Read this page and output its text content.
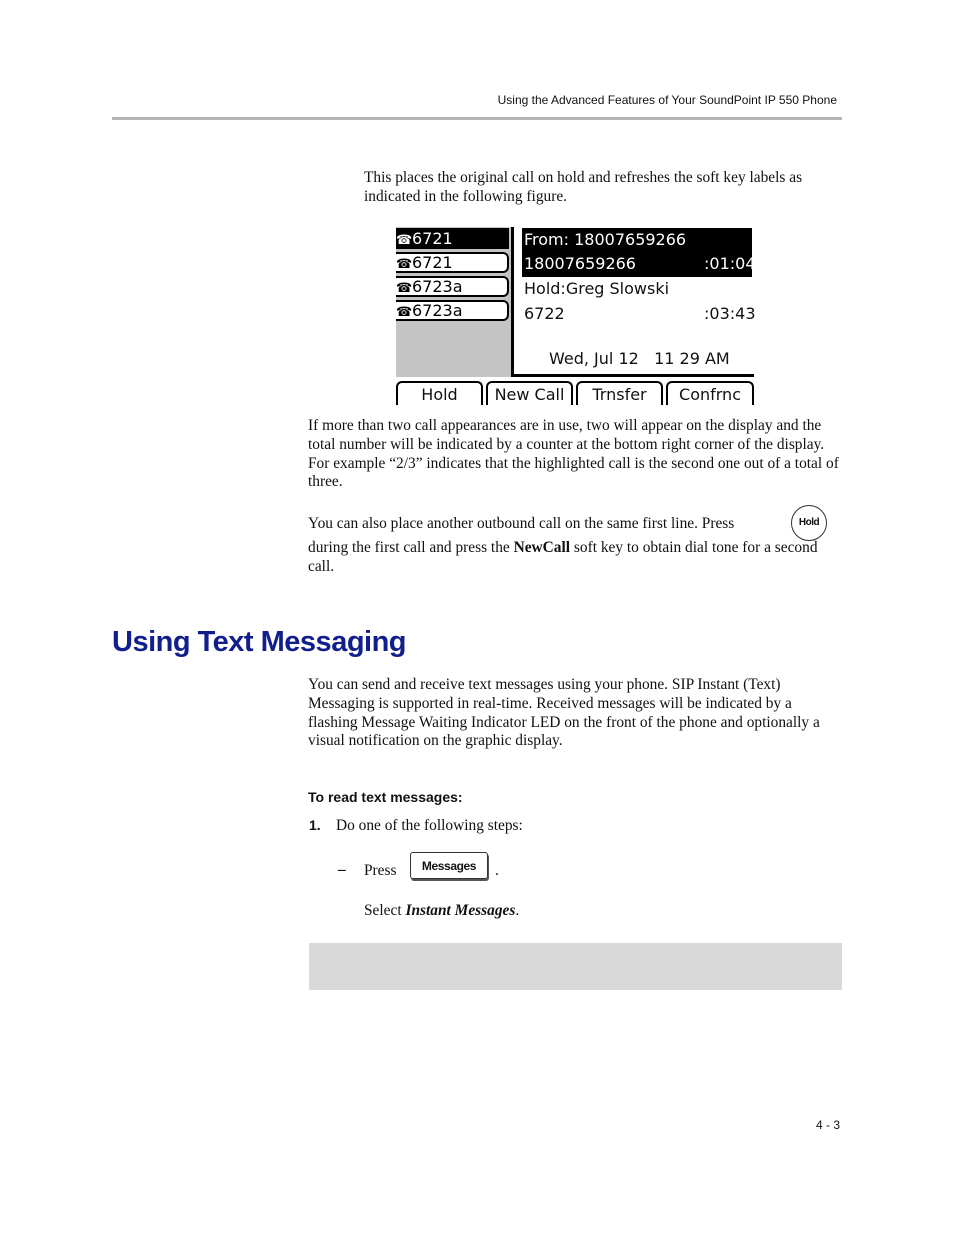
Using the Advanced Features of Your SoundPoint IP 550 Phone
This places the original call on hold and refreshes the soft key labels as indicated in the following figure.
☎6721
☎6721
☎6723a
☎6723a
From: 18007659266
18007659266	:01:04
Hold:Greg Slowski
6722	:03:43
Wed, Jul 12   11 29 AM
Hold	New Call	Trnsfer	Confrnc
If more than two call appearances are in use, two will appear on the display and the total number will be indicated by a counter at the bottom right corner of the display. For example “2/3” indicates that the highlighted call is the second one out of a total of three.
You can also place another outbound call on the same first line. Press	Hold
during the first call and press the NewCall soft key to obtain dial tone for a second call.
Using Text Messaging
You can send and receive text messages using your phone. SIP Instant (Text) Messaging is supported in real-time. Received messages will be indicated by a flashing Message Waiting Indicator LED on the front of the phone and optionally a visual notification on the graphic display.
To read text messages:
1. Do one of the following steps:
– Press	Messages	.
Select Instant Messages.
4 - 3
